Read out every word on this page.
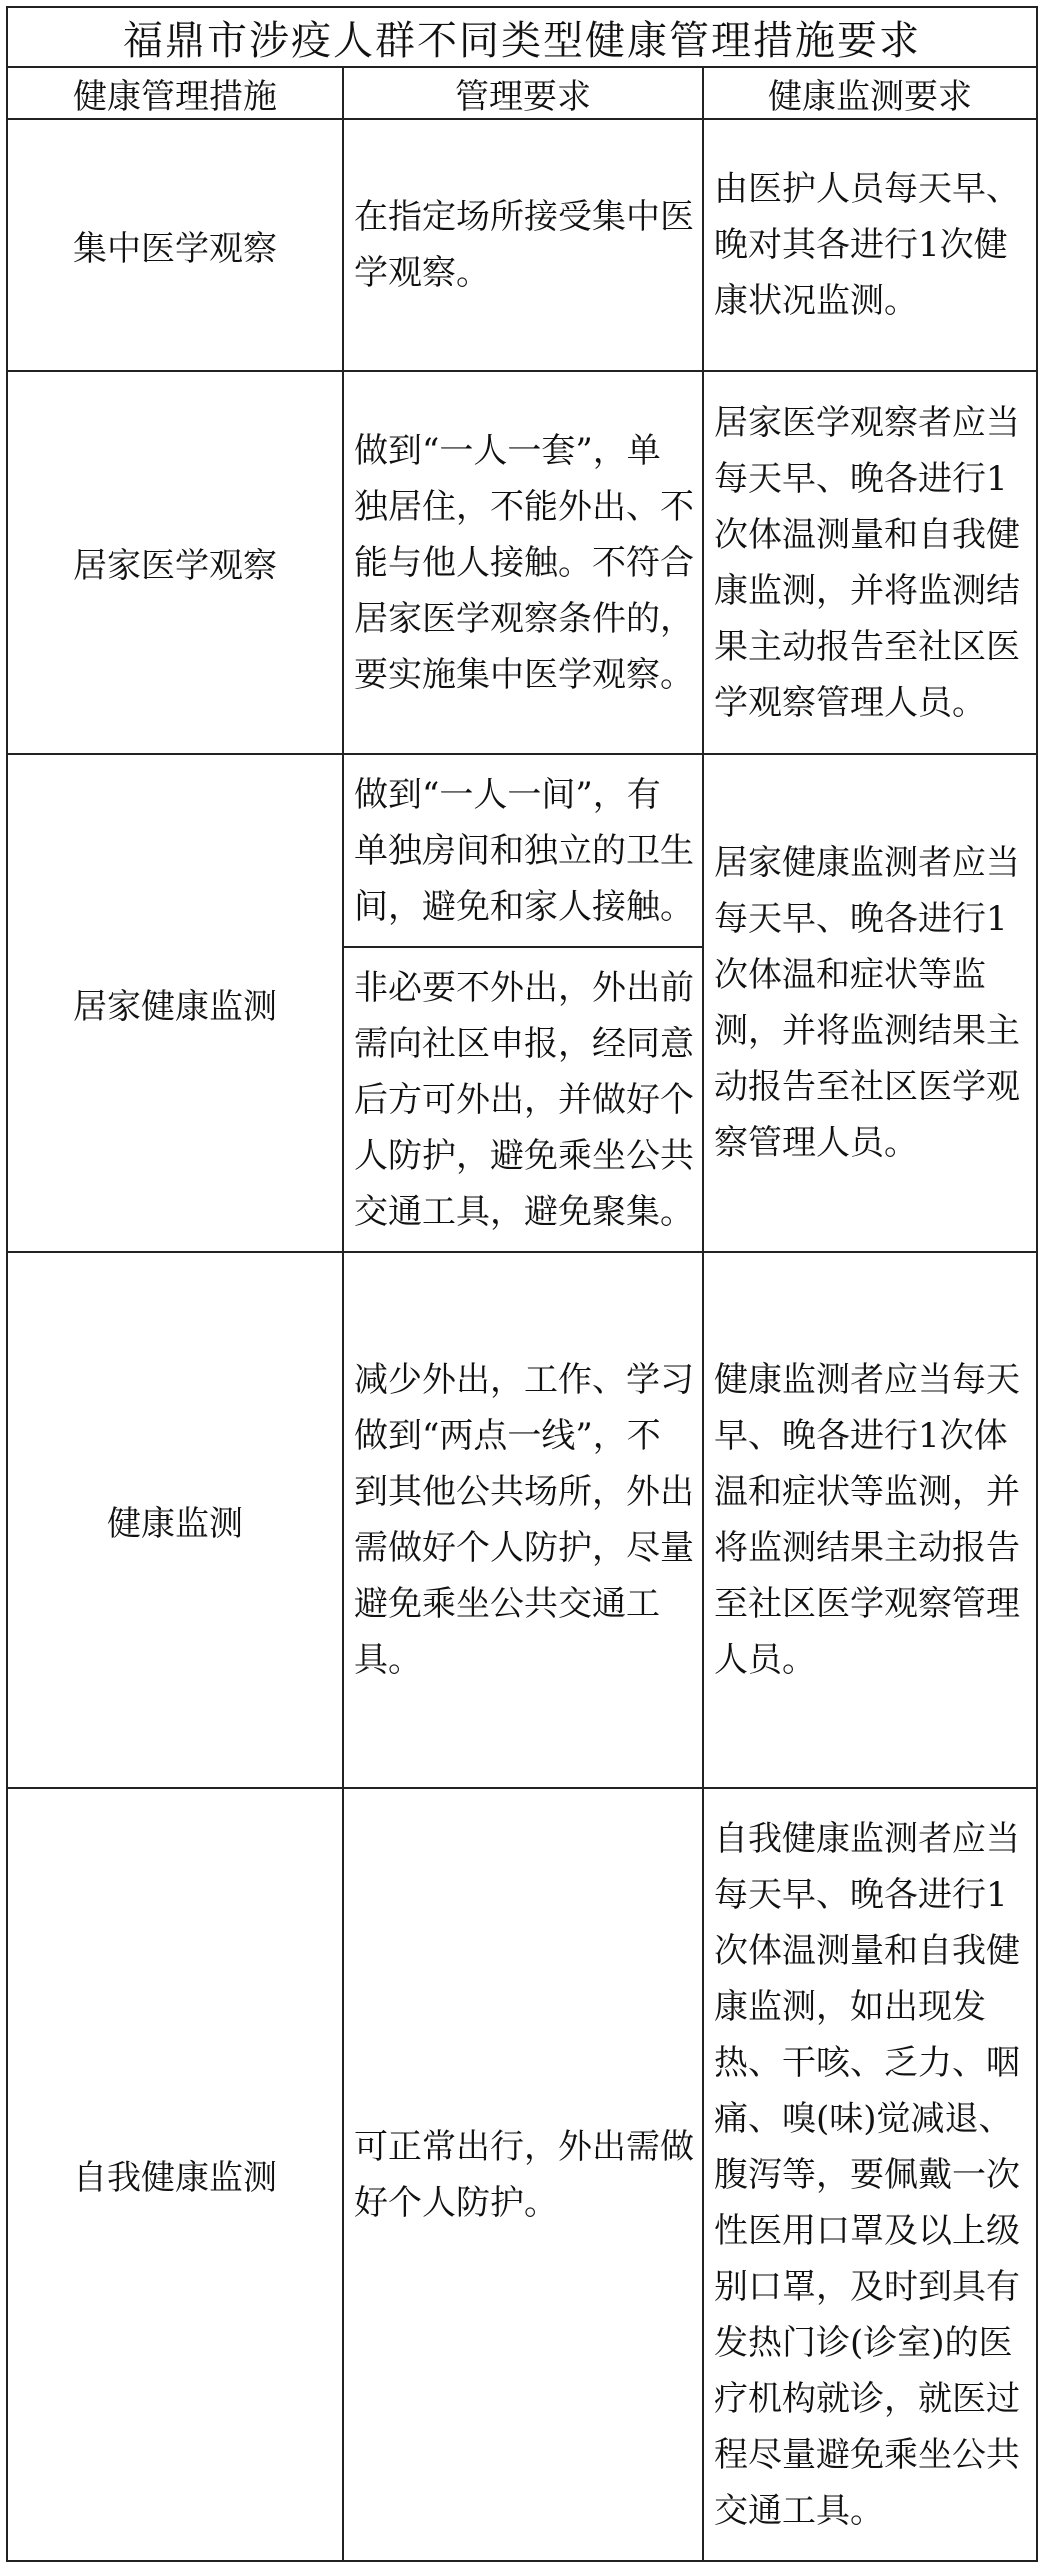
福鼎市涉疫人群不同类型健康管理措施要求		
健康管理措施	管理要求	健康监测要求
集中医学观察	在指定场所接受集中医学观察。	由医护人员每天早、晚对其各进行1次健康状况监测。

居家医学观察	做到“一人一套”，单独居住，不能外出、不能与他人接触。不符合居家医学观察条件的，要实施集中医学观察。	居家医学观察者应当每天早、晚各进行1次体温测量和自我健康监测，并将监测结果主动报告至社区医学观察管理人员。

居家健康监测	做到“一人一间”，有单独房间和独立的卫生间，避免和家人接触。	居家健康监测者应当每天早、晚各进行1次体温和症状等监测，并将监测结果主动报告至社区医学观察管理人员。

	非必要不外出，外出前需向社区申报，经同意后方可外出，并做好个人防护，避免乘坐公共交通工具，避免聚集。	

健康监测	减少外出，工作、学习做到“两点一线”，不到其他公共场所，外出需做好个人防护，尽量避免乘坐公共交通工具。	健康监测者应当每天早、晚各进行1次体温和症状等监测，并将监测结果主动报告至社区医学观察管理人员。

自我健康监测	可正常出行，外出需做好个人防护。	自我健康监测者应当每天早、晚各进行1次体温测量和自我健康监测，如出现发热、干咳、乏力、咽痛、嗅(味)觉减退、腹泻等，要佩戴一次性医用口罩及以上级别口罩，及时到具有发热门诊(诊室)的医疗机构就诊，就医过程尽量避免乘坐公共交通工具。
